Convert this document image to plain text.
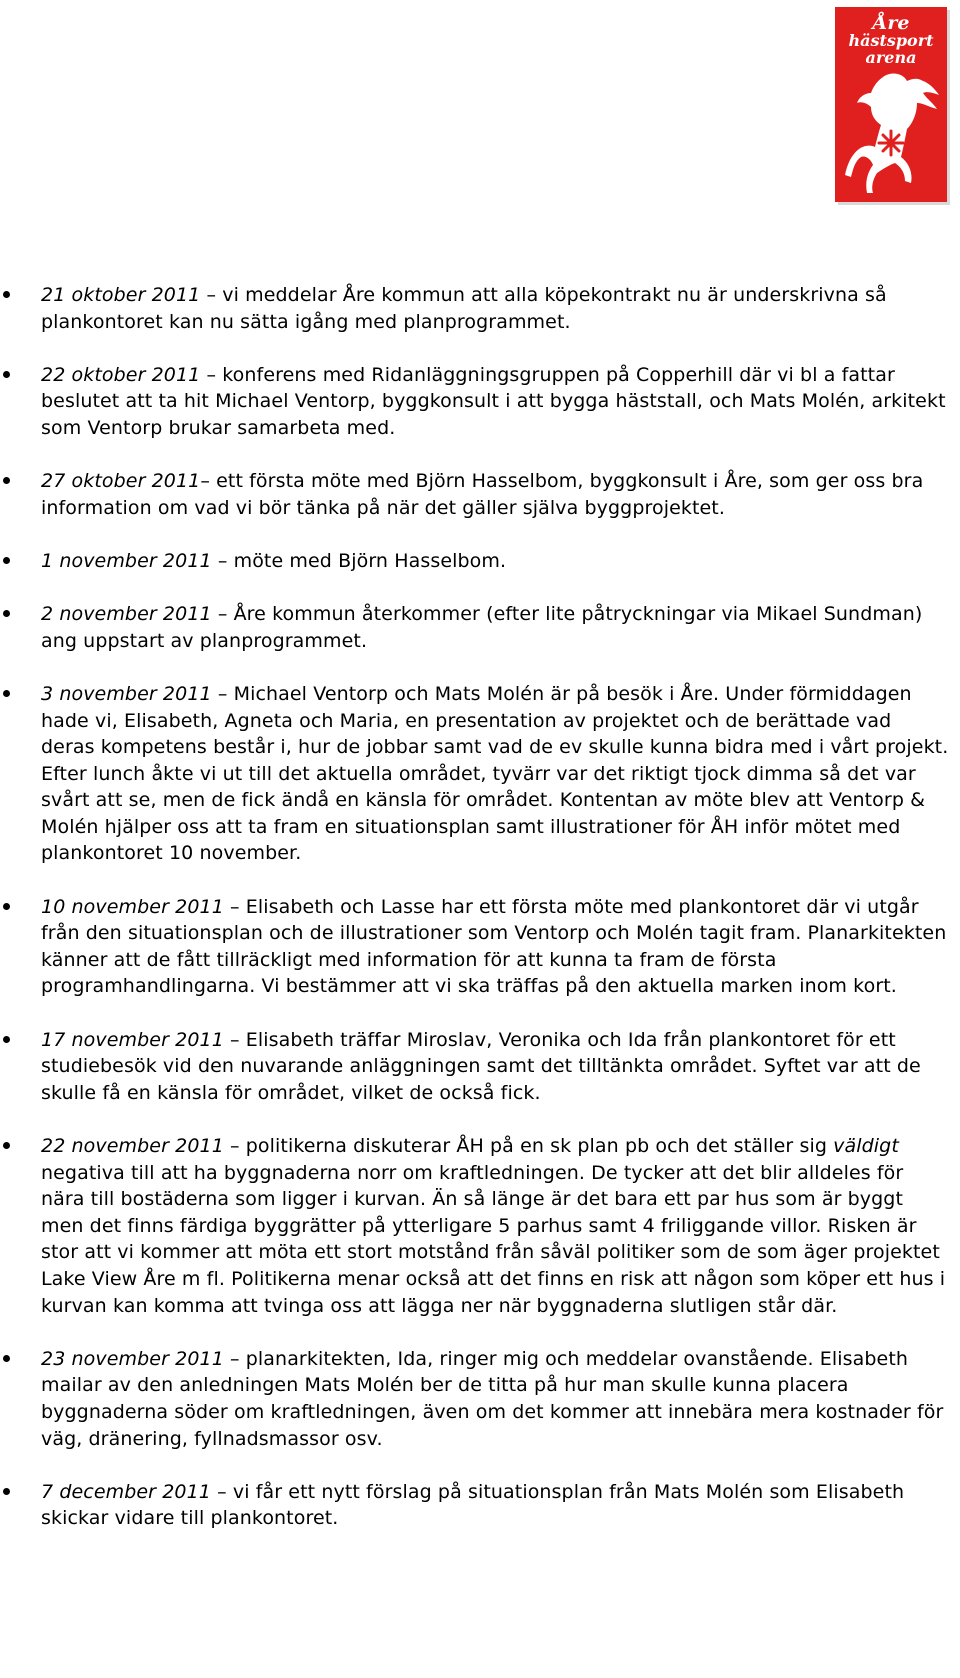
Åre
hästsport
arena
21 oktober 2011 – vi meddelar Åre kommun att alla köpekontrakt nu är underskrivna så plankontoret kan nu sätta igång med planprogrammet.
22 oktober 2011 – konferens med Ridanläggningsgruppen på Copperhill där vi bl a fattar beslutet att ta hit Michael Ventorp, byggkonsult i att bygga häststall, och Mats Molén, arkitekt som Ventorp brukar samarbeta med.
27 oktober 2011– ett första möte med Björn Hasselbom, byggkonsult i Åre, som ger oss bra information om vad vi bör tänka på när det gäller själva byggprojektet.
1 november 2011 – möte med Björn Hasselbom.
2 november 2011 – Åre kommun återkommer (efter lite påtryckningar via Mikael Sundman) ang uppstart av planprogrammet.
3 november 2011 – Michael Ventorp och Mats Molén är på besök i Åre. Under förmiddagen hade vi, Elisabeth, Agneta och Maria, en presentation av projektet och de berättade vad deras kompetens består i, hur de jobbar samt vad de ev skulle kunna bidra med i vårt projekt. Efter lunch åkte vi ut till det aktuella området, tyvärr var det riktigt tjock dimma så det var svårt att se, men de fick ändå en känsla för området. Kontentan av möte blev att Ventorp & Molén hjälper oss att ta fram en situationsplan samt illustrationer för ÅH inför mötet med plankontoret 10 november.
10 november 2011 – Elisabeth och Lasse har ett första möte med plankontoret där vi utgår från den situationsplan och de illustrationer som Ventorp och Molén tagit fram. Planarkitekten känner att de fått tillräckligt med information för att kunna ta fram de första programhandlingarna. Vi bestämmer att vi ska träffas på den aktuella marken inom kort.
17 november 2011 – Elisabeth träffar Miroslav, Veronika och Ida från plankontoret för ett studiebesök vid den nuvarande anläggningen samt det tilltänkta området. Syftet var att de skulle få en känsla för området, vilket de också fick.
22 november 2011 – politikerna diskuterar ÅH på en sk plan pb och det ställer sig väldigt negativa till att ha byggnaderna norr om kraftledningen. De tycker att det blir alldeles för nära till bostäderna som ligger i kurvan. Än så länge är det bara ett par hus som är byggt men det finns färdiga byggrätter på ytterligare 5 parhus samt 4 friliggande villor. Risken är stor att vi kommer att möta ett stort motstånd från såväl politiker som de som äger projektet Lake View Åre m fl. Politikerna menar också att det finns en risk att någon som köper ett hus i kurvan kan komma att tvinga oss att lägga ner när byggnaderna slutligen står där.
23 november 2011 – planarkitekten, Ida, ringer mig och meddelar ovanstående. Elisabeth mailar av den anledningen Mats Molén ber de titta på hur man skulle kunna placera byggnaderna söder om kraftledningen, även om det kommer att innebära mera kostnader för väg, dränering, fyllnadsmassor osv.
7 december 2011 – vi får ett nytt förslag på situationsplan från Mats Molén som Elisabeth skickar vidare till plankontoret.
